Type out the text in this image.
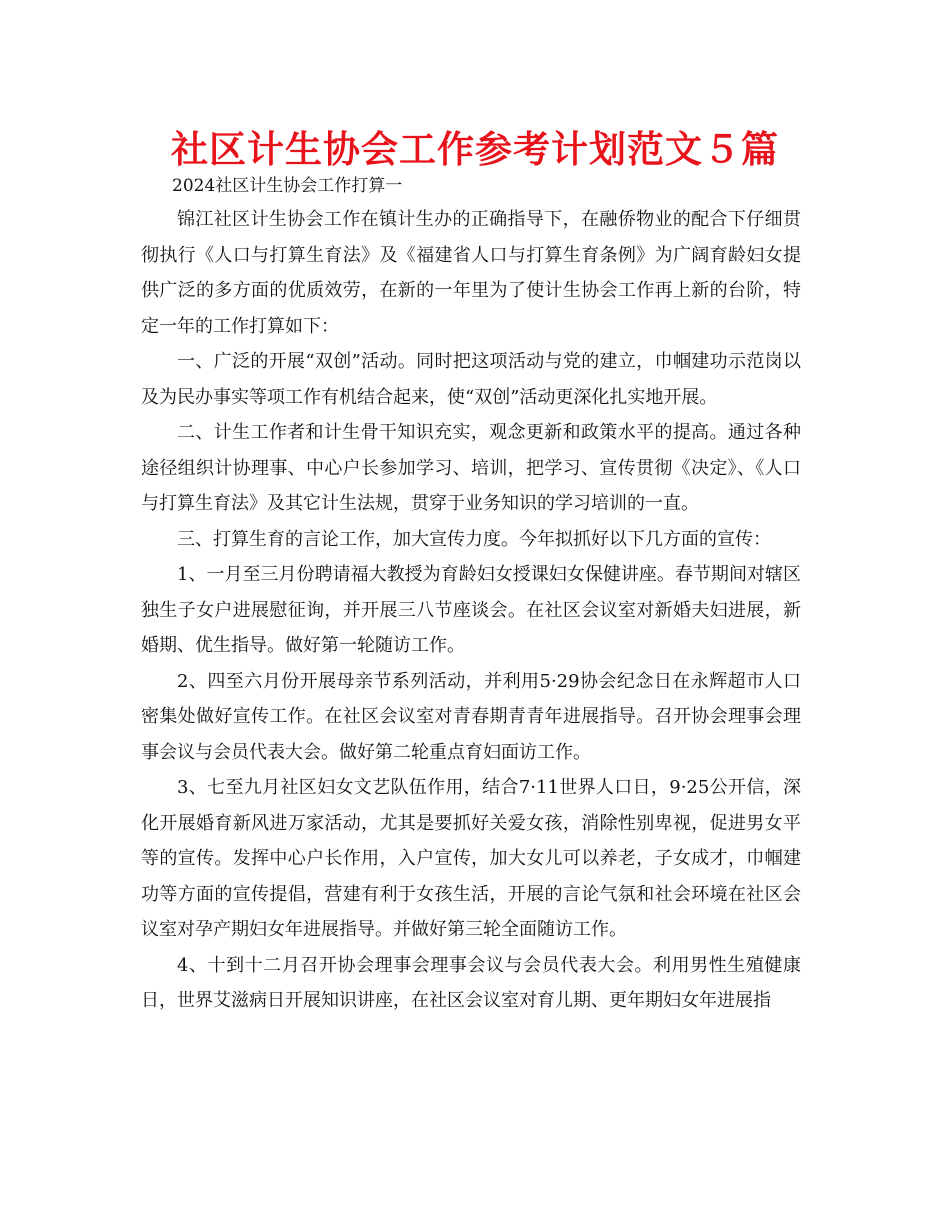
社区计生协会工作参考计划范文５篇
2024社区计生协会工作打算一

锦江社区计生协会工作在镇计生办的正确指导下，在融侨物业的配合下仔细贯彻执行《人口与打算生育法》及《福建省人口与打算生育条例》为广阔育龄妇女提供广泛的多方面的优质效劳，在新的一年里为了使计生协会工作再上新的台阶，特定一年的工作打算如下：

一、广泛的开展“双创”活动。同时把这项活动与党的建立，巾帼建功示范岗以及为民办事实等项工作有机结合起来，使“双创”活动更深化扎实地开展。

二、计生工作者和计生骨干知识充实，观念更新和政策水平的提高。通过各种途径组织计协理事、中心户长参加学习、培训，把学习、宣传贯彻《决定》、《人口与打算生育法》及其它计生法规，贯穿于业务知识的学习培训的一直。

三、打算生育的言论工作，加大宣传力度。今年拟抓好以下几方面的宣传：

1、一月至三月份聘请福大教授为育龄妇女授课妇女保健讲座。春节期间对辖区独生子女户进展慰征询，并开展三八节座谈会。在社区会议室对新婚夫妇进展，新婚期、优生指导。做好第一轮随访工作。

2、四至六月份开展母亲节系列活动，并利用5·29协会纪念日在永辉超市人口密集处做好宣传工作。在社区会议室对青春期青青年进展指导。召开协会理事会理事会议与会员代表大会。做好第二轮重点育妇面访工作。

3、七至九月社区妇女文艺队伍作用，结合7·11世界人口日，9·25公开信，深化开展婚育新风进万家活动，尤其是要抓好关爱女孩，消除性别卑视，促进男女平等的宣传。发挥中心户长作用，入户宣传，加大女儿可以养老，子女成才，巾帼建功等方面的宣传提倡，营建有利于女孩生活，开展的言论气氛和社会环境在社区会议室对孕产期妇女年进展指导。并做好第三轮全面随访工作。

4、十到十二月召开协会理事会理事会议与会员代表大会。利用男性生殖健康日，世界艾滋病日开展知识讲座，在社区会议室对育儿期、更年期妇女年进展指
